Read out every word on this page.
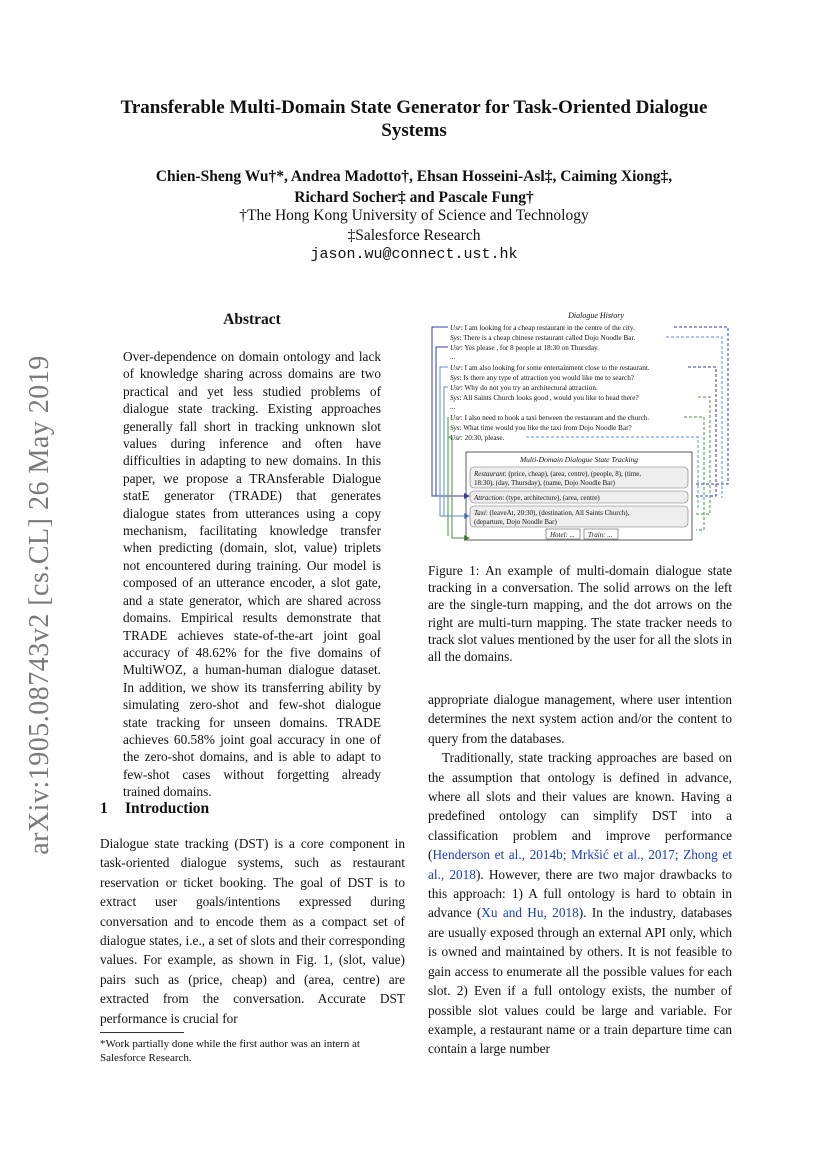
arXiv:1905.08743v2 [cs.CL] 26 May 2019
Transferable Multi-Domain State Generator for Task-Oriented Dialogue Systems
Chien-Sheng Wu†*, Andrea Madotto†, Ehsan Hosseini-Asl‡, Caiming Xiong‡,
Richard Socher‡ and Pascale Fung†
†The Hong Kong University of Science and Technology
‡Salesforce Research
jason.wu@connect.ust.hk
Abstract
Over-dependence on domain ontology and lack of knowledge sharing across domains are two practical and yet less studied problems of dialogue state tracking. Existing approaches generally fall short in tracking unknown slot values during inference and often have difficulties in adapting to new domains. In this paper, we propose a TRAnsferable Dialogue statE generator (TRADE) that generates dialogue states from utterances using a copy mechanism, facilitating knowledge transfer when predicting (domain, slot, value) triplets not encountered during training. Our model is composed of an utterance encoder, a slot gate, and a state generator, which are shared across domains. Empirical results demonstrate that TRADE achieves state-of-the-art joint goal accuracy of 48.62% for the five domains of MultiWOZ, a human-human dialogue dataset. In addition, we show its transferring ability by simulating zero-shot and few-shot dialogue state tracking for unseen domains. TRADE achieves 60.58% joint goal accuracy in one of the zero-shot domains, and is able to adapt to few-shot cases without forgetting already trained domains.
1 Introduction
Dialogue state tracking (DST) is a core component in task-oriented dialogue systems, such as restaurant reservation or ticket booking. The goal of DST is to extract user goals/intentions expressed during conversation and to encode them as a compact set of dialogue states, i.e., a set of slots and their corresponding values. For example, as shown in Fig. 1, (slot, value) pairs such as (price, cheap) and (area, centre) are extracted from the conversation. Accurate DST performance is crucial for
*Work partially done while the first author was an intern at Salesforce Research.
Dialogue History
Usr: I am looking for a cheap restaurant in the centre of the city.
Sys: There is a cheap chinese restaurant called Dojo Noodle Bar.
Usr: Yes please , for 8 people at 18:30 on Thursday.
...
Usr: I am also looking for some entertainment close to the restaurant.
Sys: Is there any type of attraction you would like me to search?
Usr: Why do not you try an architectural attraction.
Sys: All Saints Church looks good , would you like to head there?
...
Usr: I also need to book a taxi between the restaurant and the church.
Sys: What time would you like the taxi from Dojo Noodle Bar?
Usr: 20:30, please.
Multi-Domain Dialogue State Tracking
Restaurant: (price, cheap), (area, centre), (people, 8), (time,
18:30), (day, Thursday), (name, Dojo Noodle Bar)
Attraction: (type, architecture), (area, centre)
Taxi: (leaveAt, 20:30), (destination, All Saints Church),
(departure, Dojo Noodle Bar)
Hotel: ... Train: ...
Figure 1: An example of multi-domain dialogue state tracking in a conversation. The solid arrows on the left are the single-turn mapping, and the dot arrows on the right are multi-turn mapping. The state tracker needs to track slot values mentioned by the user for all the slots in all the domains.
appropriate dialogue management, where user intention determines the next system action and/or the content to query from the databases.
Traditionally, state tracking approaches are based on the assumption that ontology is defined in advance, where all slots and their values are known. Having a predefined ontology can simplify DST into a classification problem and improve performance (Henderson et al., 2014b; Mrkšić et al., 2017; Zhong et al., 2018). However, there are two major drawbacks to this approach: 1) A full ontology is hard to obtain in advance (Xu and Hu, 2018). In the industry, databases are usually exposed through an external API only, which is owned and maintained by others. It is not feasible to gain access to enumerate all the possible values for each slot. 2) Even if a full ontology exists, the number of possible slot values could be large and variable. For example, a restaurant name or a train departure time can contain a large number
